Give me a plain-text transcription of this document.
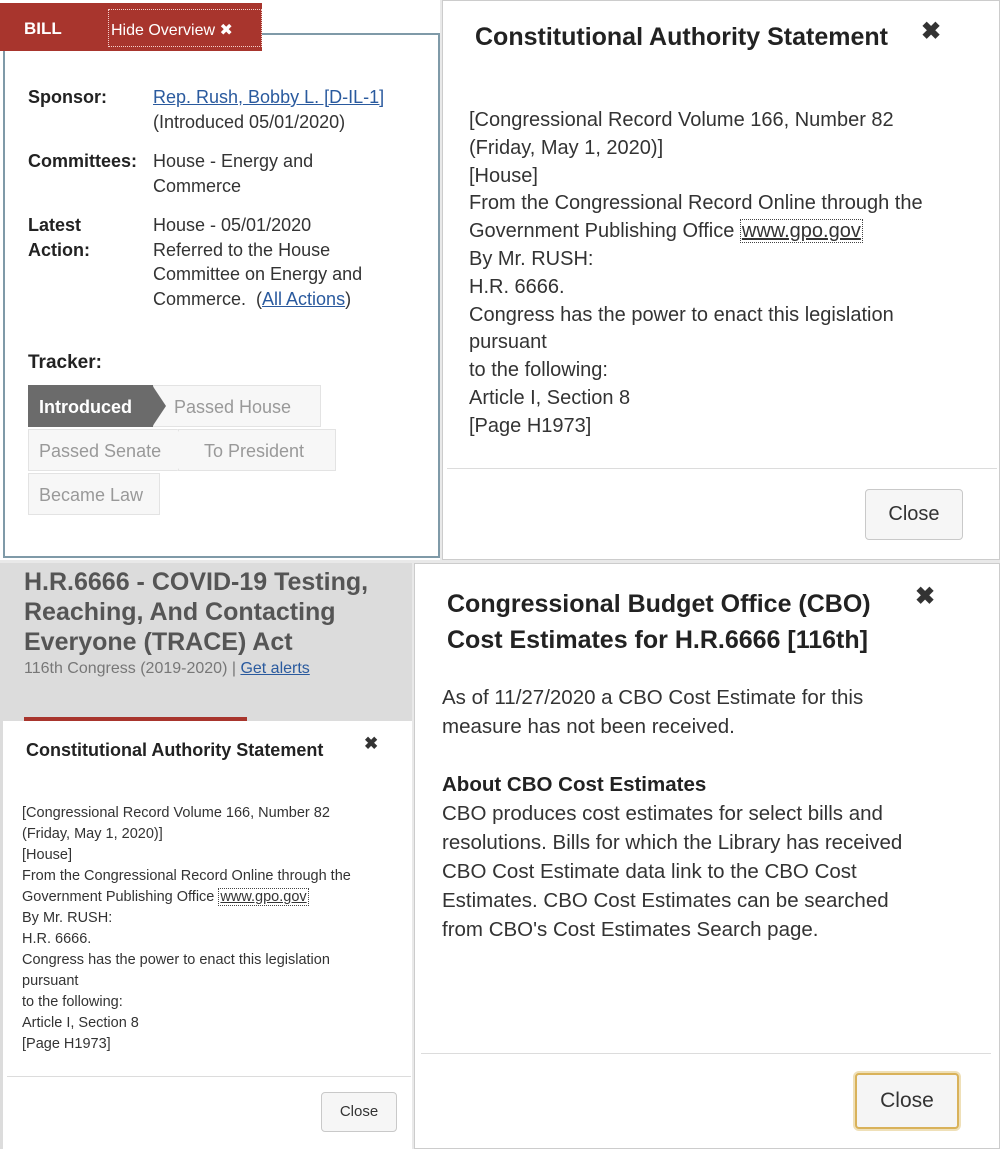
BILL	Hide Overview ✖
Sponsor:	Rep. Rush, Bobby L. [D-IL-1]
(Introduced 05/01/2020)
Committees: House - Energy and
Commerce
Latest
Action:
House - 05/01/2020
Referred to the House
Committee on Energy and
Commerce. (All Actions)
Tracker:
Introduced	Passed House
Passed Senate	To President
Became Law
Constitutional Authority Statement ✖
[Congressional Record Volume 166, Number 82
(Friday, May 1, 2020)]
[House]
From the Congressional Record Online through the
Government Publishing Office www.gpo.gov
By Mr. RUSH:
H.R. 6666.
Congress has the power to enact this legislation
pursuant
to the following:
Article I, Section 8
[Page H1973]
Close
H.R.6666 - COVID-19 Testing, Reaching, And Contacting Everyone (TRACE) Act
116th Congress (2019-2020) | Get alerts
Constitutional Authority Statement ✖
[Congressional Record Volume 166, Number 82
(Friday, May 1, 2020)]
[House]
From the Congressional Record Online through the
Government Publishing Office www.gpo.gov
By Mr. RUSH:
H.R. 6666.
Congress has the power to enact this legislation
pursuant
to the following:
Article I, Section 8
[Page H1973]
Close
Congressional Budget Office (CBO)
Cost Estimates for H.R.6666 [116th]
✖
As of 11/27/2020 a CBO Cost Estimate for this
measure has not been received.
About CBO Cost Estimates
CBO produces cost estimates for select bills and
resolutions. Bills for which the Library has received
CBO Cost Estimate data link to the CBO Cost
Estimates. CBO Cost Estimates can be searched
from CBO's Cost Estimates Search page.
Close
